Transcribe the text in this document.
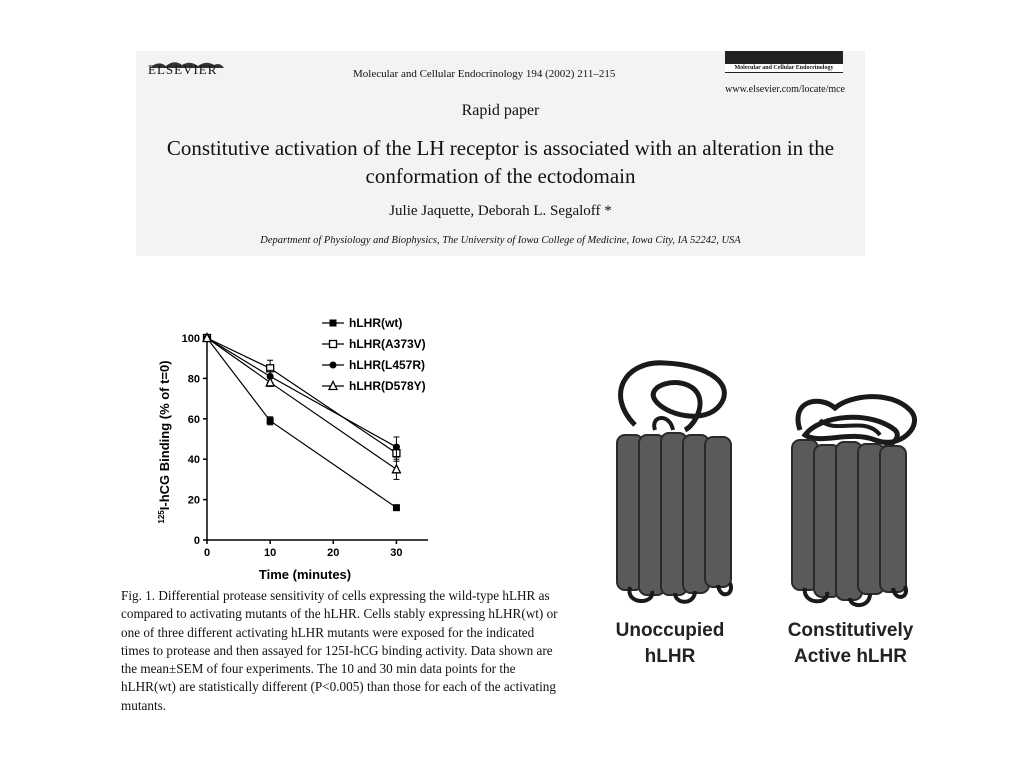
ELSEVIER	Molecular and Cellular Endocrinology 194 (2002) 211–215	Molecular and Cellular Endocrinology
www.elsevier.com/locate/mce
Rapid paper
Constitutive activation of the LH receptor is associated with an alteration in the conformation of the ectodomain
Julie Jaquette, Deborah L. Segaloff *
Department of Physiology and Biophysics, The University of Iowa College of Medicine, Iowa City, IA 52242, USA
0
20
40
60
80
100
0	10	20	30
hLHR(wt)
hLHR(A373V)
hLHR(L457R)
hLHR(D578Y)
Time (minutes)
$^{125}$I-hCG Binding (% of t=0)
Fig. 1. Differential protease sensitivity of cells expressing the wild-type hLHR as compared to activating mutants of the hLHR. Cells stably expressing hLHR(wt) or one of three different activating hLHR mutants were exposed for the indicated times to protease and then assayed for 125I-hCG binding activity. Data shown are the mean±SEM of four experiments. The 10 and 30 min data points for the hLHR(wt) are statistically different (P<0.005) than those for each of the activating mutants.
Unoccupied
hLHR
Constitutively
Active hLHR
